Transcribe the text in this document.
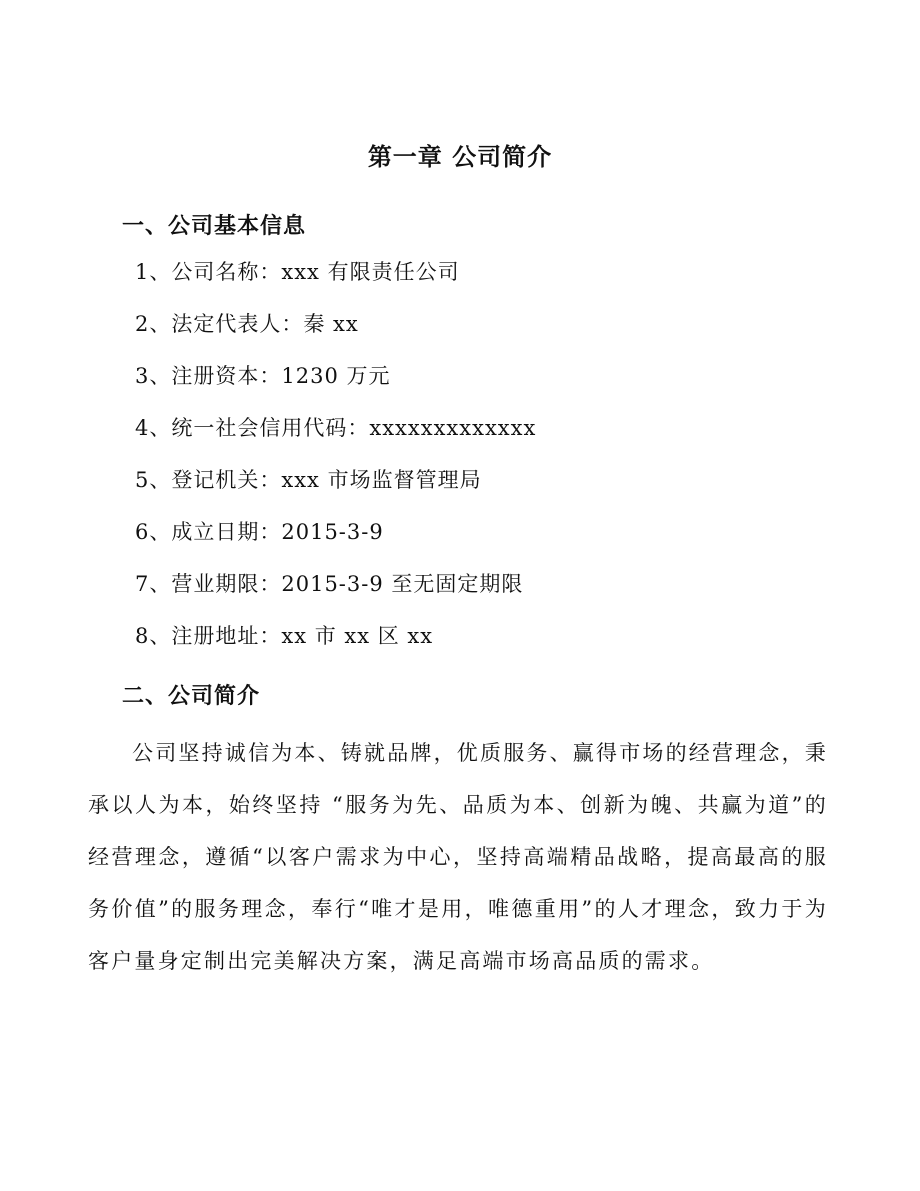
第一章 公司简介
一、公司基本信息
1、公司名称：xxx 有限责任公司
2、法定代表人：秦 xx
3、注册资本：1230 万元
4、统一社会信用代码：xxxxxxxxxxxxx
5、登记机关：xxx 市场监督管理局
6、成立日期：2015-3-9
7、营业期限：2015-3-9 至无固定期限
8、注册地址：xx 市 xx 区 xx
二、公司简介

公司坚持诚信为本、铸就品牌，优质服务、赢得市场的经营理念，秉承以人为本，始终坚持 “服务为先、品质为本、创新为魄、共赢为道”的经营理念，遵循“以客户需求为中心，坚持高端精品战略，提高最高的服务价值”的服务理念，奉行“唯才是用，唯德重用”的人才理念，致力于为客户量身定制出完美解决方案，满足高端市场高品质的需求。
